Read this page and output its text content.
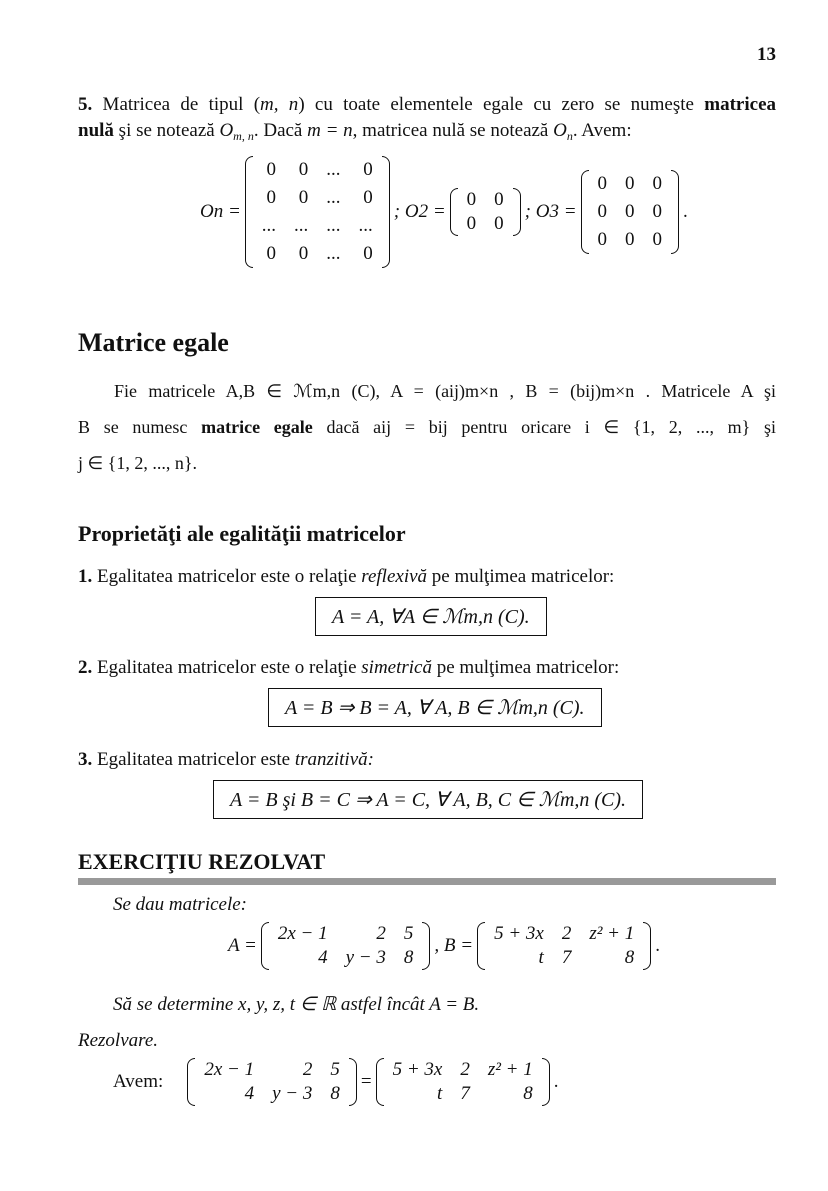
13
5. Matricea de tipul (m, n) cu toate elementele egale cu zero se numeşte matricea
nulă şi se notează $O_{m, n}$. Dacă m = n, matricea nulă se notează $O_n$. Avem:
On =
0	0	...	0
0	0	...	0
...	...	...	...
0	0	...	0
; O2 =
0	0
0	0
; O3 =
0	0	0
0	0	0
0	0	0
.
Matrice egale
Fie matricele A,B ∈ ℳm,n (C), A = (aij)m×n , B = (bij)m×n . Matricele A şi
B se numesc matrice egale dacă aij = bij pentru oricare i ∈ {1, 2, ..., m} şi
j ∈ {1, 2, ..., n}.
Proprietăţi ale egalităţii matricelor
1. Egalitatea matricelor este o relaţie reflexivă pe mulţimea matricelor:
A = A, ∀A ∈ ℳm,n (C).
2. Egalitatea matricelor este o relaţie simetrică pe mulţimea matricelor:
A = B ⇒ B = A, ∀ A, B ∈ ℳm,n (C).
3. Egalitatea matricelor este tranzitivă:
A = B şi B = C ⇒ A = C, ∀ A, B, C ∈ ℳm,n (C).
EXERCIŢIU REZOLVAT
Se dau matricele:
A =
2x − 1	2	5
4	y − 3	8
, B =
5 + 3x	2	z² + 1
t	7	8
.
Să se determine x, y, z, t ∈ ℝ astfel încât A = B.
Rezolvare.
Avem:
2x − 1	2	5
4	y − 3	8
=
5 + 3x	2	z² + 1
t	7	8
.
